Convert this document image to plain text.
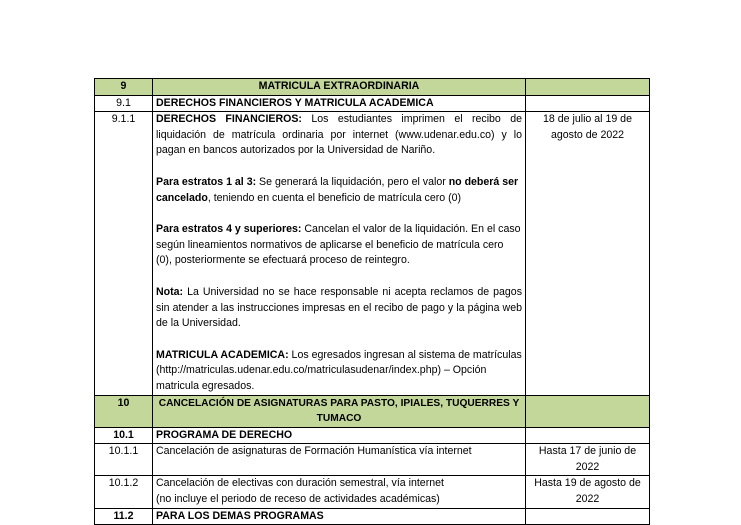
9	MATRICULA EXTRAORDINARIA	
9.1	DERECHOS FINANCIEROS Y MATRICULA ACADEMICA	
9.1.1	DERECHOS FINANCIEROS: Los estudiantes imprimen el recibo de liquidación de matrícula ordinaria por internet (www.udenar.edu.co) y lo pagan en bancos autorizados por la Universidad de Nariño.

Para estratos 1 al 3: Se generará la liquidación, pero el valor no deberá ser cancelado, teniendo en cuenta el beneficio de matrícula cero (0)

Para estratos 4 y superiores: Cancelan el valor de la liquidación. En el caso según lineamientos normativos de aplicarse el beneficio de matrícula cero (0), posteriormente se efectuará proceso de reintegro.

Nota: La Universidad no se hace responsable ni acepta reclamos de pagos sin atender a las instrucciones impresas en el recibo de pago y la página web de la Universidad.

MATRICULA ACADEMICA: Los egresados ingresan al sistema de matrículas (http://matriculas.udenar.edu.co/matriculasudenar/index.php) – Opción matricula egresados.	18 de julio al 19 de agosto de 2022
10	CANCELACIÓN DE ASIGNATURAS PARA PASTO, IPIALES, TUQUERRES Y TUMACO	
10.1	PROGRAMA DE DERECHO	
10.1.1	Cancelación de asignaturas de Formación Humanística vía internet	Hasta 17 de junio de 2022
10.1.2	Cancelación de electivas con duración semestral, vía internet
(no incluye el periodo de receso de actividades académicas)	Hasta 19 de agosto de 2022
11.2	PARA LOS DEMAS PROGRAMAS	
